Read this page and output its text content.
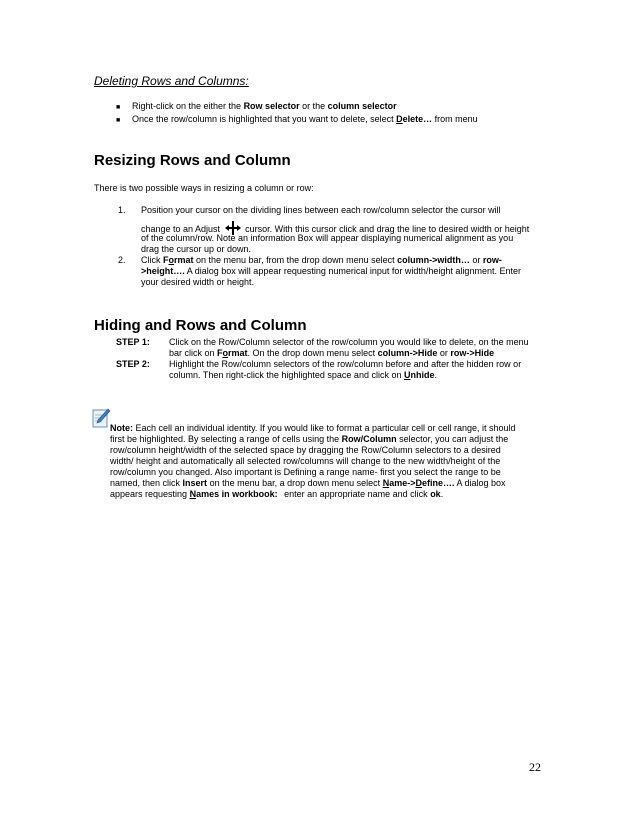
Deleting Rows and Columns:
■ Right-click on the either the Row selector or the column selector
■ Once the row/column is highlighted that you want to delete, select Delete… from menu
Resizing Rows and Column
There is two possible ways in resizing a column or row:
1. Position your cursor on the dividing lines between each row/column selector the cursor will
change to an Adjust	cursor. With this cursor click and drag the line to desired width or height
of the column/row. Note an information Box will appear displaying numerical alignment as you
drag the cursor up or down.
2. Click Format on the menu bar, from the drop down menu select column->width… or row-
>height…. A dialog box will appear requesting numerical input for width/height alignment. Enter
your desired width or height.
Hiding and Rows and Column
STEP 1: Click on the Row/Column selector of the row/column you would like to delete, on the menu
bar click on Format. On the drop down menu select column->Hide or row->Hide
STEP 2: Highlight the Row/column selectors of the row/column before and after the hidden row or
column. Then right-click the highlighted space and click on Unhide.
Note: Each cell an individual identity. If you would like to format a particular cell or cell range, it should
first be highlighted. By selecting a range of cells using the Row/Column selector, you can adjust the
row/column height/width of the selected space by dragging the Row/Column selectors to a desired
width/ height and automatically all selected row/columns will change to the new width/height of the
row/column you changed. Also important is Defining a range name- first you select the range to be
named, then click Insert on the menu bar, a drop down menu select Name->Define…. A dialog box
appears requesting Names in workbook: enter an appropriate name and click ok.
22
